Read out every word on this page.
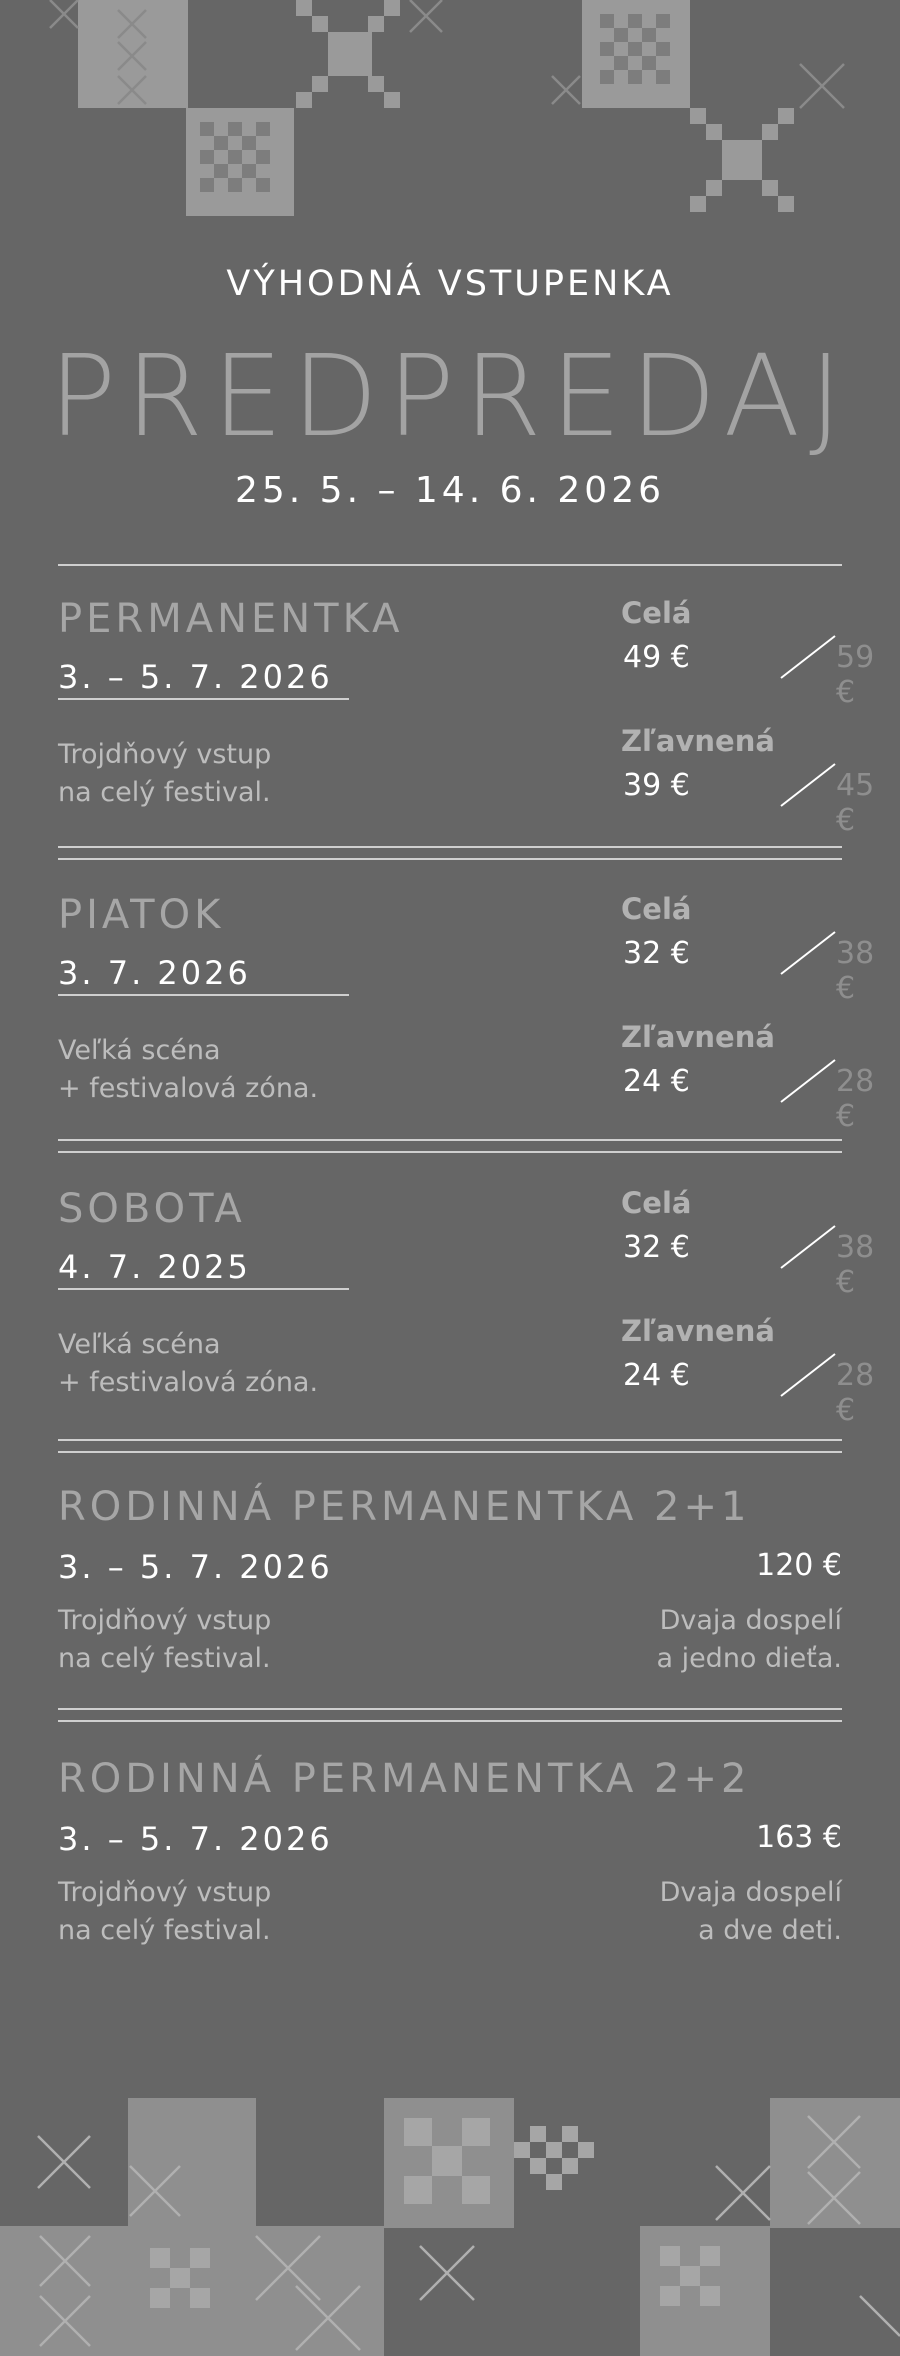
VÝHODNÁ VSTUPENKA
PREDPREDAJ
25. 5. – 14. 6. 2026
PERMANENTKA
3. – 5. 7. 2026
Trojdňový vstup
na celý festival.
Celá
49 €	59 €
Zľavnená
39 €	45 €
PIATOK
3. 7. 2026
Veľká scéna
+ festivalová zóna.
Celá
32 €	38 €
Zľavnená
24 €	28 €
SOBOTA
4. 7. 2025
Veľká scéna
+ festivalová zóna.
Celá
32 €	38 €
Zľavnená
24 €	28 €
RODINNÁ PERMANENTKA 2+1
3. – 5. 7. 2026
Trojdňový vstup
na celý festival.
120 €
Dvaja dospelí
a jedno dieťa.
RODINNÁ PERMANENTKA 2+2
3. – 5. 7. 2026
Trojdňový vstup
na celý festival.
163 €
Dvaja dospelí
a dve deti.
